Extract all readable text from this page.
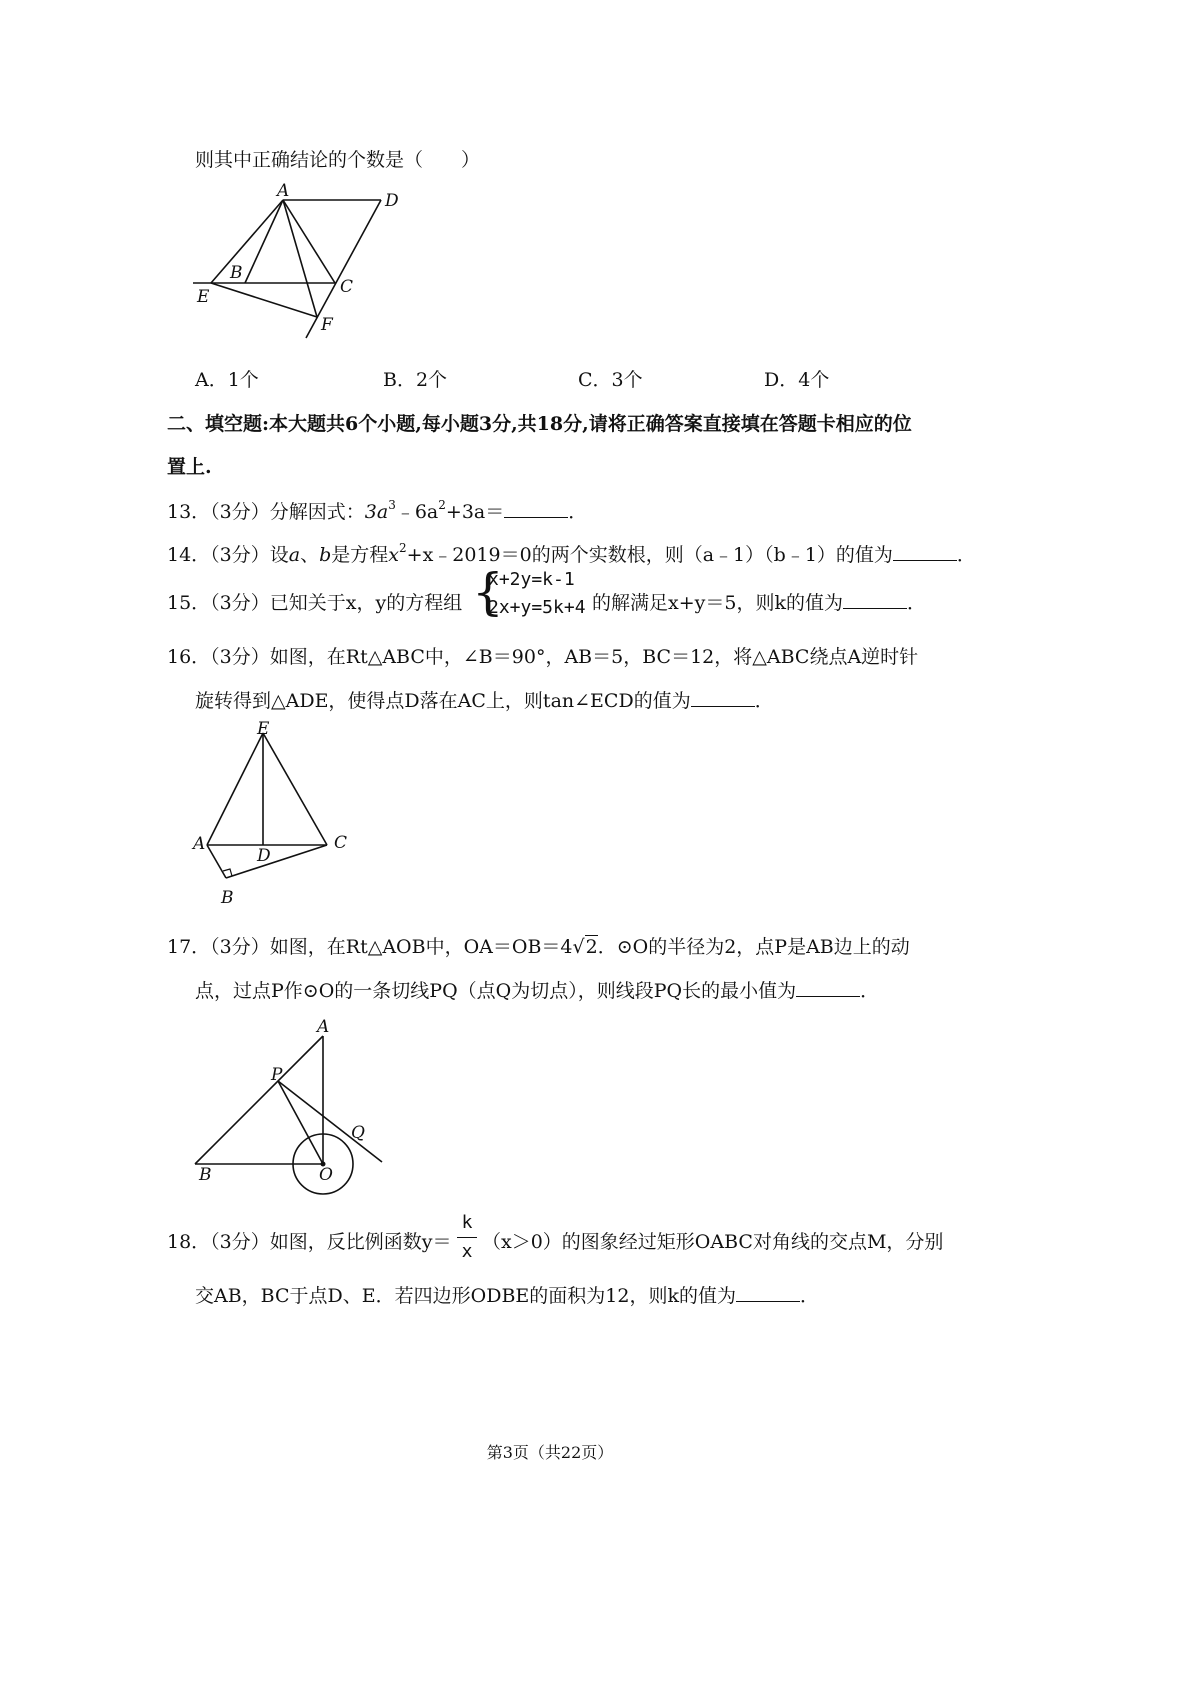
则其中正确结论的个数是（　　）
A	D
B
C
E
F
A．1个	B．2个	C．3个	D．4个
二、填空题:本大题共6个小题,每小题3分,共18分,请将正确答案直接填在答题卡相应的位
置上.
13．（3分）分解因式：$3a^3﹣6a^2+3a=$	．
14．（3分）设a、b是方程$x^2+x﹣2019=0$的两个实数根，则（a﹣1）（b﹣1）的值为	．
15．（3分）已知关于x，y的方程组 {
x+2y=k-1
2x+y=5k+4 的解满足x+y＝5，则k的值为	．
16．（3分）如图，在Rt△ABC中，∠B＝90°，AB＝5，BC＝12，将△ABC绕点A逆时针
旋转得到△ADE，使得点D落在AC上，则tan∠ECD的值为	．
E
A
D
C
B
17．（3分）如图，在Rt△AOB中，OA＝OB＝4√2．⊙O的半径为2，点P是AB边上的动
点，过点P作⊙O的一条切线PQ（点Q为切点），则线段PQ长的最小值为	．
A
P
Q
B	O
18．（3分）如图，反比例函数y＝
k
x （x＞0）的图象经过矩形OABC对角线的交点M，分别
交AB，BC于点D、E．若四边形ODBE的面积为12，则k的值为	．
第3页（共22页）
